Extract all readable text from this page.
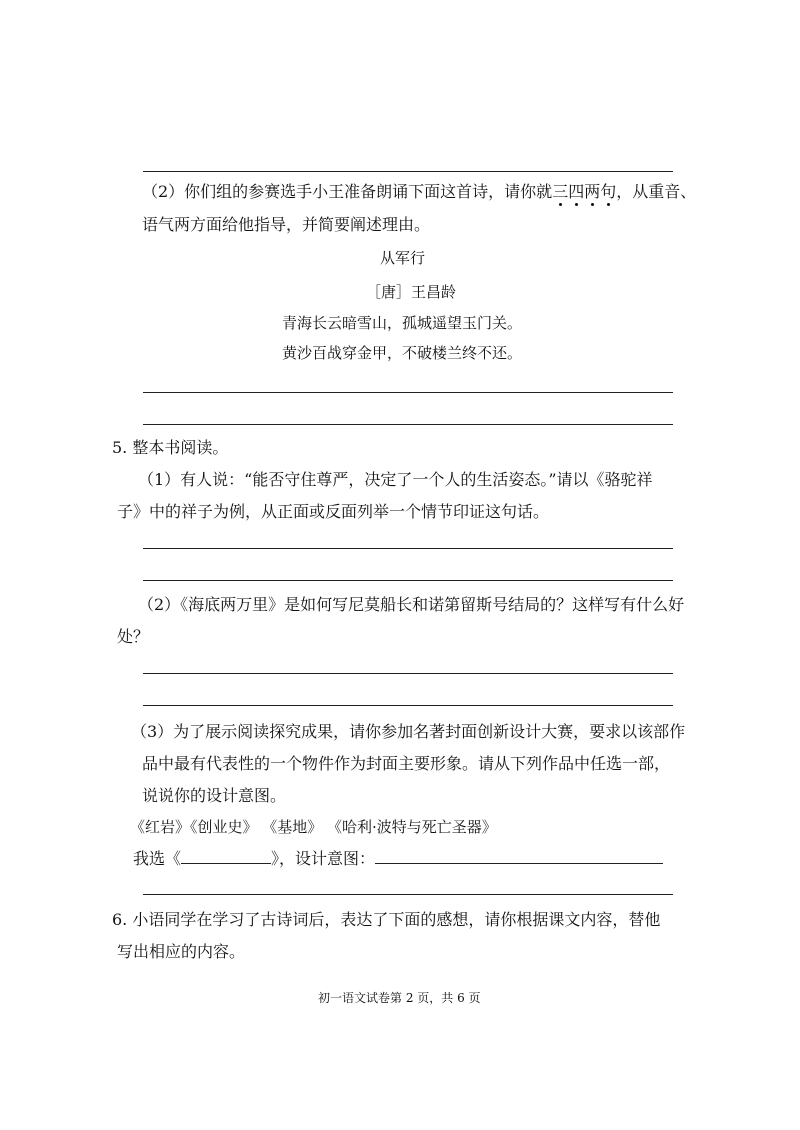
（2）你们组的参赛选手小王准备朗诵下面这首诗，请你就三四两句，从重音、
语气两方面给他指导，并简要阐述理由。
从军行
［唐］王昌龄
青海长云暗雪山，孤城遥望玉门关。
黄沙百战穿金甲，不破楼兰终不还。
5. 整本书阅读。
（1）有人说：“能否守住尊严，决定了一个人的生活姿态。”请以《骆驼祥
子》中的祥子为例，从正面或反面列举一个情节印证这句话。
（2）《海底两万里》是如何写尼莫船长和诺第留斯号结局的？这样写有什么好
处？
（3）为了展示阅读探究成果，请你参加名著封面创新设计大赛，要求以该部作
品中最有代表性的一个物件作为封面主要形象。请从下列作品中任选一部，
说说你的设计意图。
《红岩》《创业史》 《基地》 《哈利·波特与死亡圣器》
我选《	》，设计意图：
6. 小语同学在学习了古诗词后，表达了下面的感想，请你根据课文内容，替他
写出相应的内容。
初一语文试卷第 2 页，共 6 页
